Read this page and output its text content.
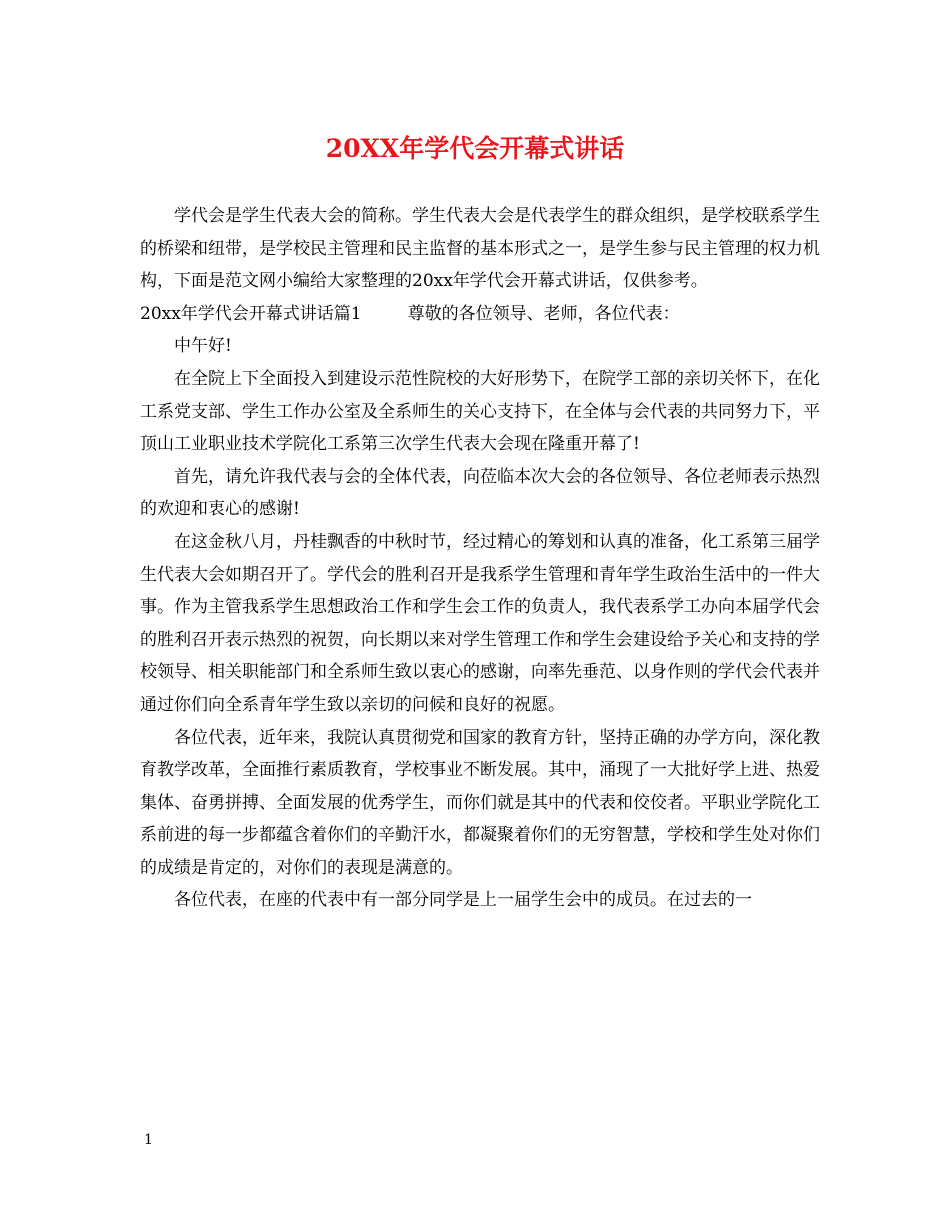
20XX年学代会开幕式讲话

学代会是学生代表大会的简称。学生代表大会是代表学生的群众组织，是学校联系学生的桥梁和纽带，是学校民主管理和民主监督的基本形式之一，是学生参与民主管理的权力机构，下面是范文网小编给大家整理的20xx年学代会开幕式讲话，仅供参考。

20xx年学代会开幕式讲话篇1	尊敬的各位领导、老师，各位代表：

中午好!

在全院上下全面投入到建设示范性院校的大好形势下，在院学工部的亲切关怀下，在化工系党支部、学生工作办公室及全系师生的关心支持下，在全体与会代表的共同努力下，平顶山工业职业技术学院化工系第三次学生代表大会现在隆重开幕了!

首先，请允许我代表与会的全体代表，向莅临本次大会的各位领导、各位老师表示热烈的欢迎和衷心的感谢!

在这金秋八月，丹桂飘香的中秋时节，经过精心的筹划和认真的准备，化工系第三届学生代表大会如期召开了。学代会的胜利召开是我系学生管理和青年学生政治生活中的一件大事。作为主管我系学生思想政治工作和学生会工作的负责人，我代表系学工办向本届学代会的胜利召开表示热烈的祝贺，向长期以来对学生管理工作和学生会建设给予关心和支持的学校领导、相关职能部门和全系师生致以衷心的感谢，向率先垂范、以身作则的学代会代表并通过你们向全系青年学生致以亲切的问候和良好的祝愿。

各位代表，近年来，我院认真贯彻党和国家的教育方针，坚持正确的办学方向，深化教育教学改革，全面推行素质教育，学校事业不断发展。其中，涌现了一大批好学上进、热爱集体、奋勇拼搏、全面发展的优秀学生，而你们就是其中的代表和佼佼者。平职业学院化工系前进的每一步都蕴含着你们的辛勤汗水，都凝聚着你们的无穷智慧，学校和学生处对你们的成绩是肯定的，对你们的表现是满意的。

各位代表，在座的代表中有一部分同学是上一届学生会中的成员。在过去的一

1
